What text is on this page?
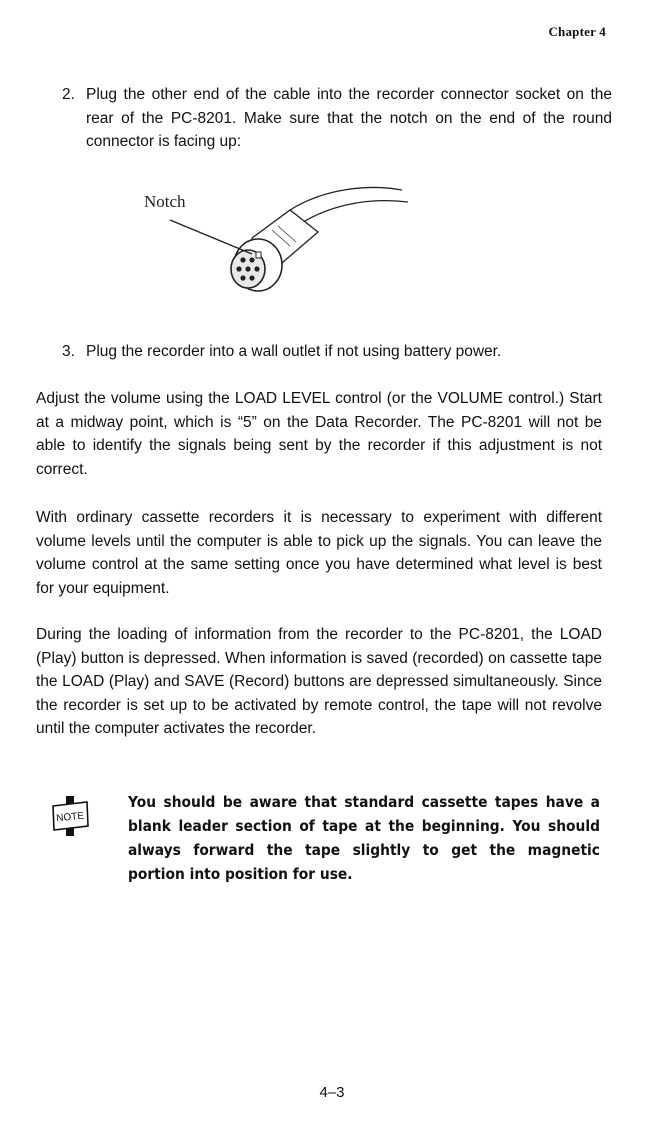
Chapter 4
2. Plug the other end of the cable into the recorder connector socket on the rear of the PC-8201. Make sure that the notch on the end of the round connector is facing up:
Notch
3. Plug the recorder into a wall outlet if not using battery power.
Adjust the volume using the LOAD LEVEL control (or the VOLUME control.) Start at a midway point, which is “5” on the Data Recorder. The PC-8201 will not be able to identify the signals being sent by the recorder if this adjustment is not correct.
With ordinary cassette recorders it is necessary to experiment with different volume levels until the computer is able to pick up the signals. You can leave the volume control at the same setting once you have determined what level is best for your equipment.
During the loading of information from the recorder to the PC-8201, the LOAD (Play) button is depressed. When information is saved (recorded) on cassette tape the LOAD (Play) and SAVE (Record) buttons are depressed simultaneously. Since the recorder is set up to be activated by remote control, the tape will not revolve until the computer activates the recorder.
NOTE
You should be aware that standard cassette tapes have a blank leader section of tape at the beginning. You should always forward the tape slightly to get the magnetic portion into position for use.
4–3
